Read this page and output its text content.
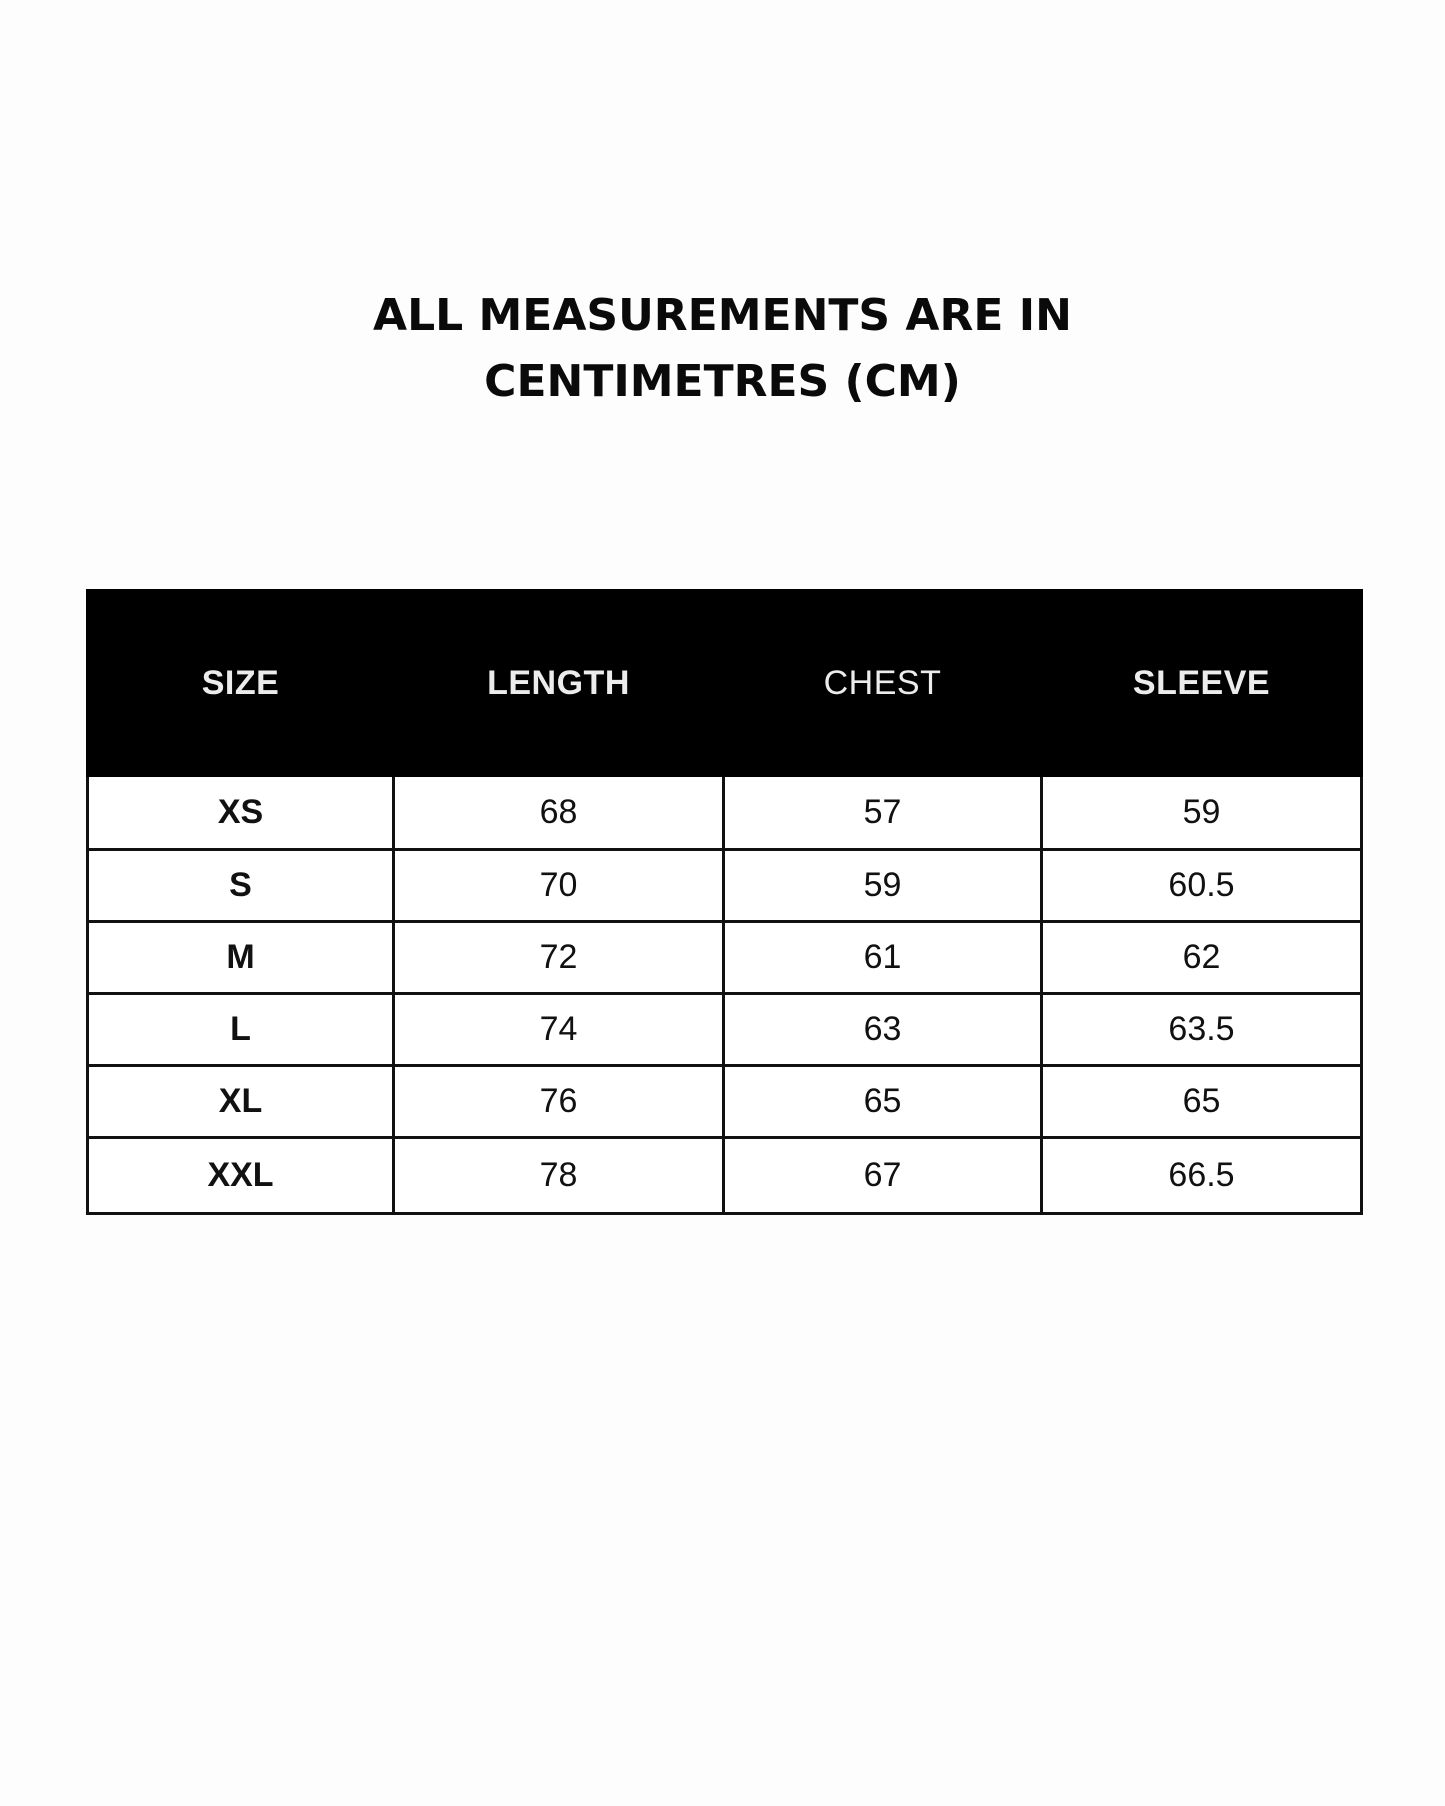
ALL MEASUREMENTS ARE IN
CENTIMETRES (CM)
SIZE	LENGTH	CHEST	SLEEVE
XS	68	57	59
S	70	59	60.5
M	72	61	62
L	74	63	63.5
XL	76	65	65
XXL	78	67	66.5
